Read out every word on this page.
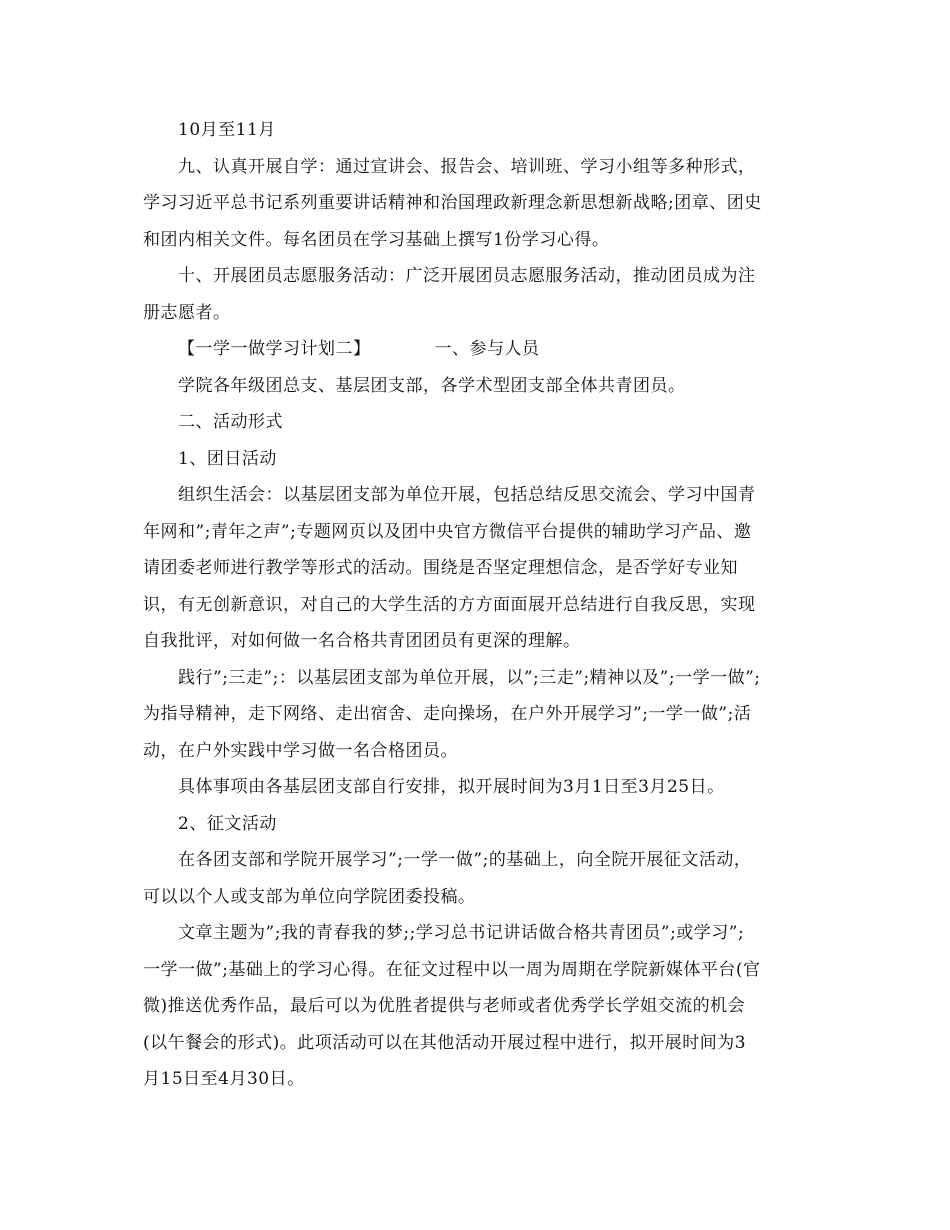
10月至11月
九、认真开展自学：通过宣讲会、报告会、培训班、学习小组等多种形式，
学习习近平总书记系列重要讲话精神和治国理政新理念新思想新战略;团章、团史
和团内相关文件。每名团员在学习基础上撰写1份学习心得。
十、开展团员志愿服务活动：广泛开展团员志愿服务活动，推动团员成为注
册志愿者。
【一学一做学习计划二】	一、参与人员
学院各年级团总支、基层团支部，各学术型团支部全体共青团员。
二、活动形式
1、团日活动
组织生活会：以基层团支部为单位开展，包括总结反思交流会、学习中国青
年网和”;青年之声”;专题网页以及团中央官方微信平台提供的辅助学习产品、邀
请团委老师进行教学等形式的活动。围绕是否坚定理想信念，是否学好专业知
识，有无创新意识，对自己的大学生活的方方面面展开总结进行自我反思，实现
自我批评，对如何做一名合格共青团团员有更深的理解。
践行”;三走”;：以基层团支部为单位开展，以”;三走”;精神以及”;一学一做”;
为指导精神，走下网络、走出宿舍、走向操场，在户外开展学习”;一学一做”;活
动，在户外实践中学习做一名合格团员。
具体事项由各基层团支部自行安排，拟开展时间为3月1日至3月25日。
2、征文活动
在各团支部和学院开展学习”;一学一做”;的基础上，向全院开展征文活动，
可以以个人或支部为单位向学院团委投稿。
文章主题为”;我的青春我的梦;;学习总书记讲话做合格共青团员”;或学习”;
一学一做”;基础上的学习心得。在征文过程中以一周为周期在学院新媒体平台(官
微)推送优秀作品，最后可以为优胜者提供与老师或者优秀学长学姐交流的机会
(以午餐会的形式)。此项活动可以在其他活动开展过程中进行，拟开展时间为3
月15日至4月30日。
